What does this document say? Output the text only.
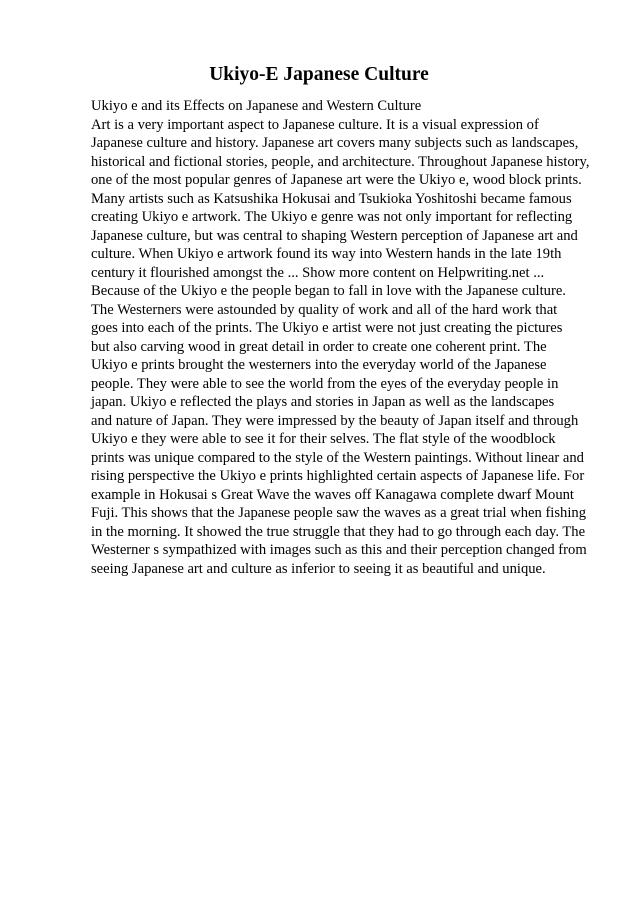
Ukiyo-E Japanese Culture
Ukiyo e and its Effects on Japanese and Western Culture
Art is a very important aspect to Japanese culture. It is a visual expression of
Japanese culture and history. Japanese art covers many subjects such as landscapes,
historical and fictional stories, people, and architecture. Throughout Japanese history,
one of the most popular genres of Japanese art were the Ukiyo e, wood block prints.
Many artists such as Katsushika Hokusai and Tsukioka Yoshitoshi became famous
creating Ukiyo e artwork. The Ukiyo e genre was not only important for reflecting
Japanese culture, but was central to shaping Western perception of Japanese art and
culture. When Ukiyo e artwork found its way into Western hands in the late 19th
century it flourished amongst the ... Show more content on Helpwriting.net ...
Because of the Ukiyo e the people began to fall in love with the Japanese culture.
The Westerners were astounded by quality of work and all of the hard work that
goes into each of the prints. The Ukiyo e artist were not just creating the pictures
but also carving wood in great detail in order to create one coherent print. The
Ukiyo e prints brought the westerners into the everyday world of the Japanese
people. They were able to see the world from the eyes of the everyday people in
japan. Ukiyo e reflected the plays and stories in Japan as well as the landscapes
and nature of Japan. They were impressed by the beauty of Japan itself and through
Ukiyo e they were able to see it for their selves. The flat style of the woodblock
prints was unique compared to the style of the Western paintings. Without linear and
rising perspective the Ukiyo e prints highlighted certain aspects of Japanese life. For
example in Hokusai s Great Wave the waves off Kanagawa complete dwarf Mount
Fuji. This shows that the Japanese people saw the waves as a great trial when fishing
in the morning. It showed the true struggle that they had to go through each day. The
Westerner s sympathized with images such as this and their perception changed from
seeing Japanese art and culture as inferior to seeing it as beautiful and unique.
